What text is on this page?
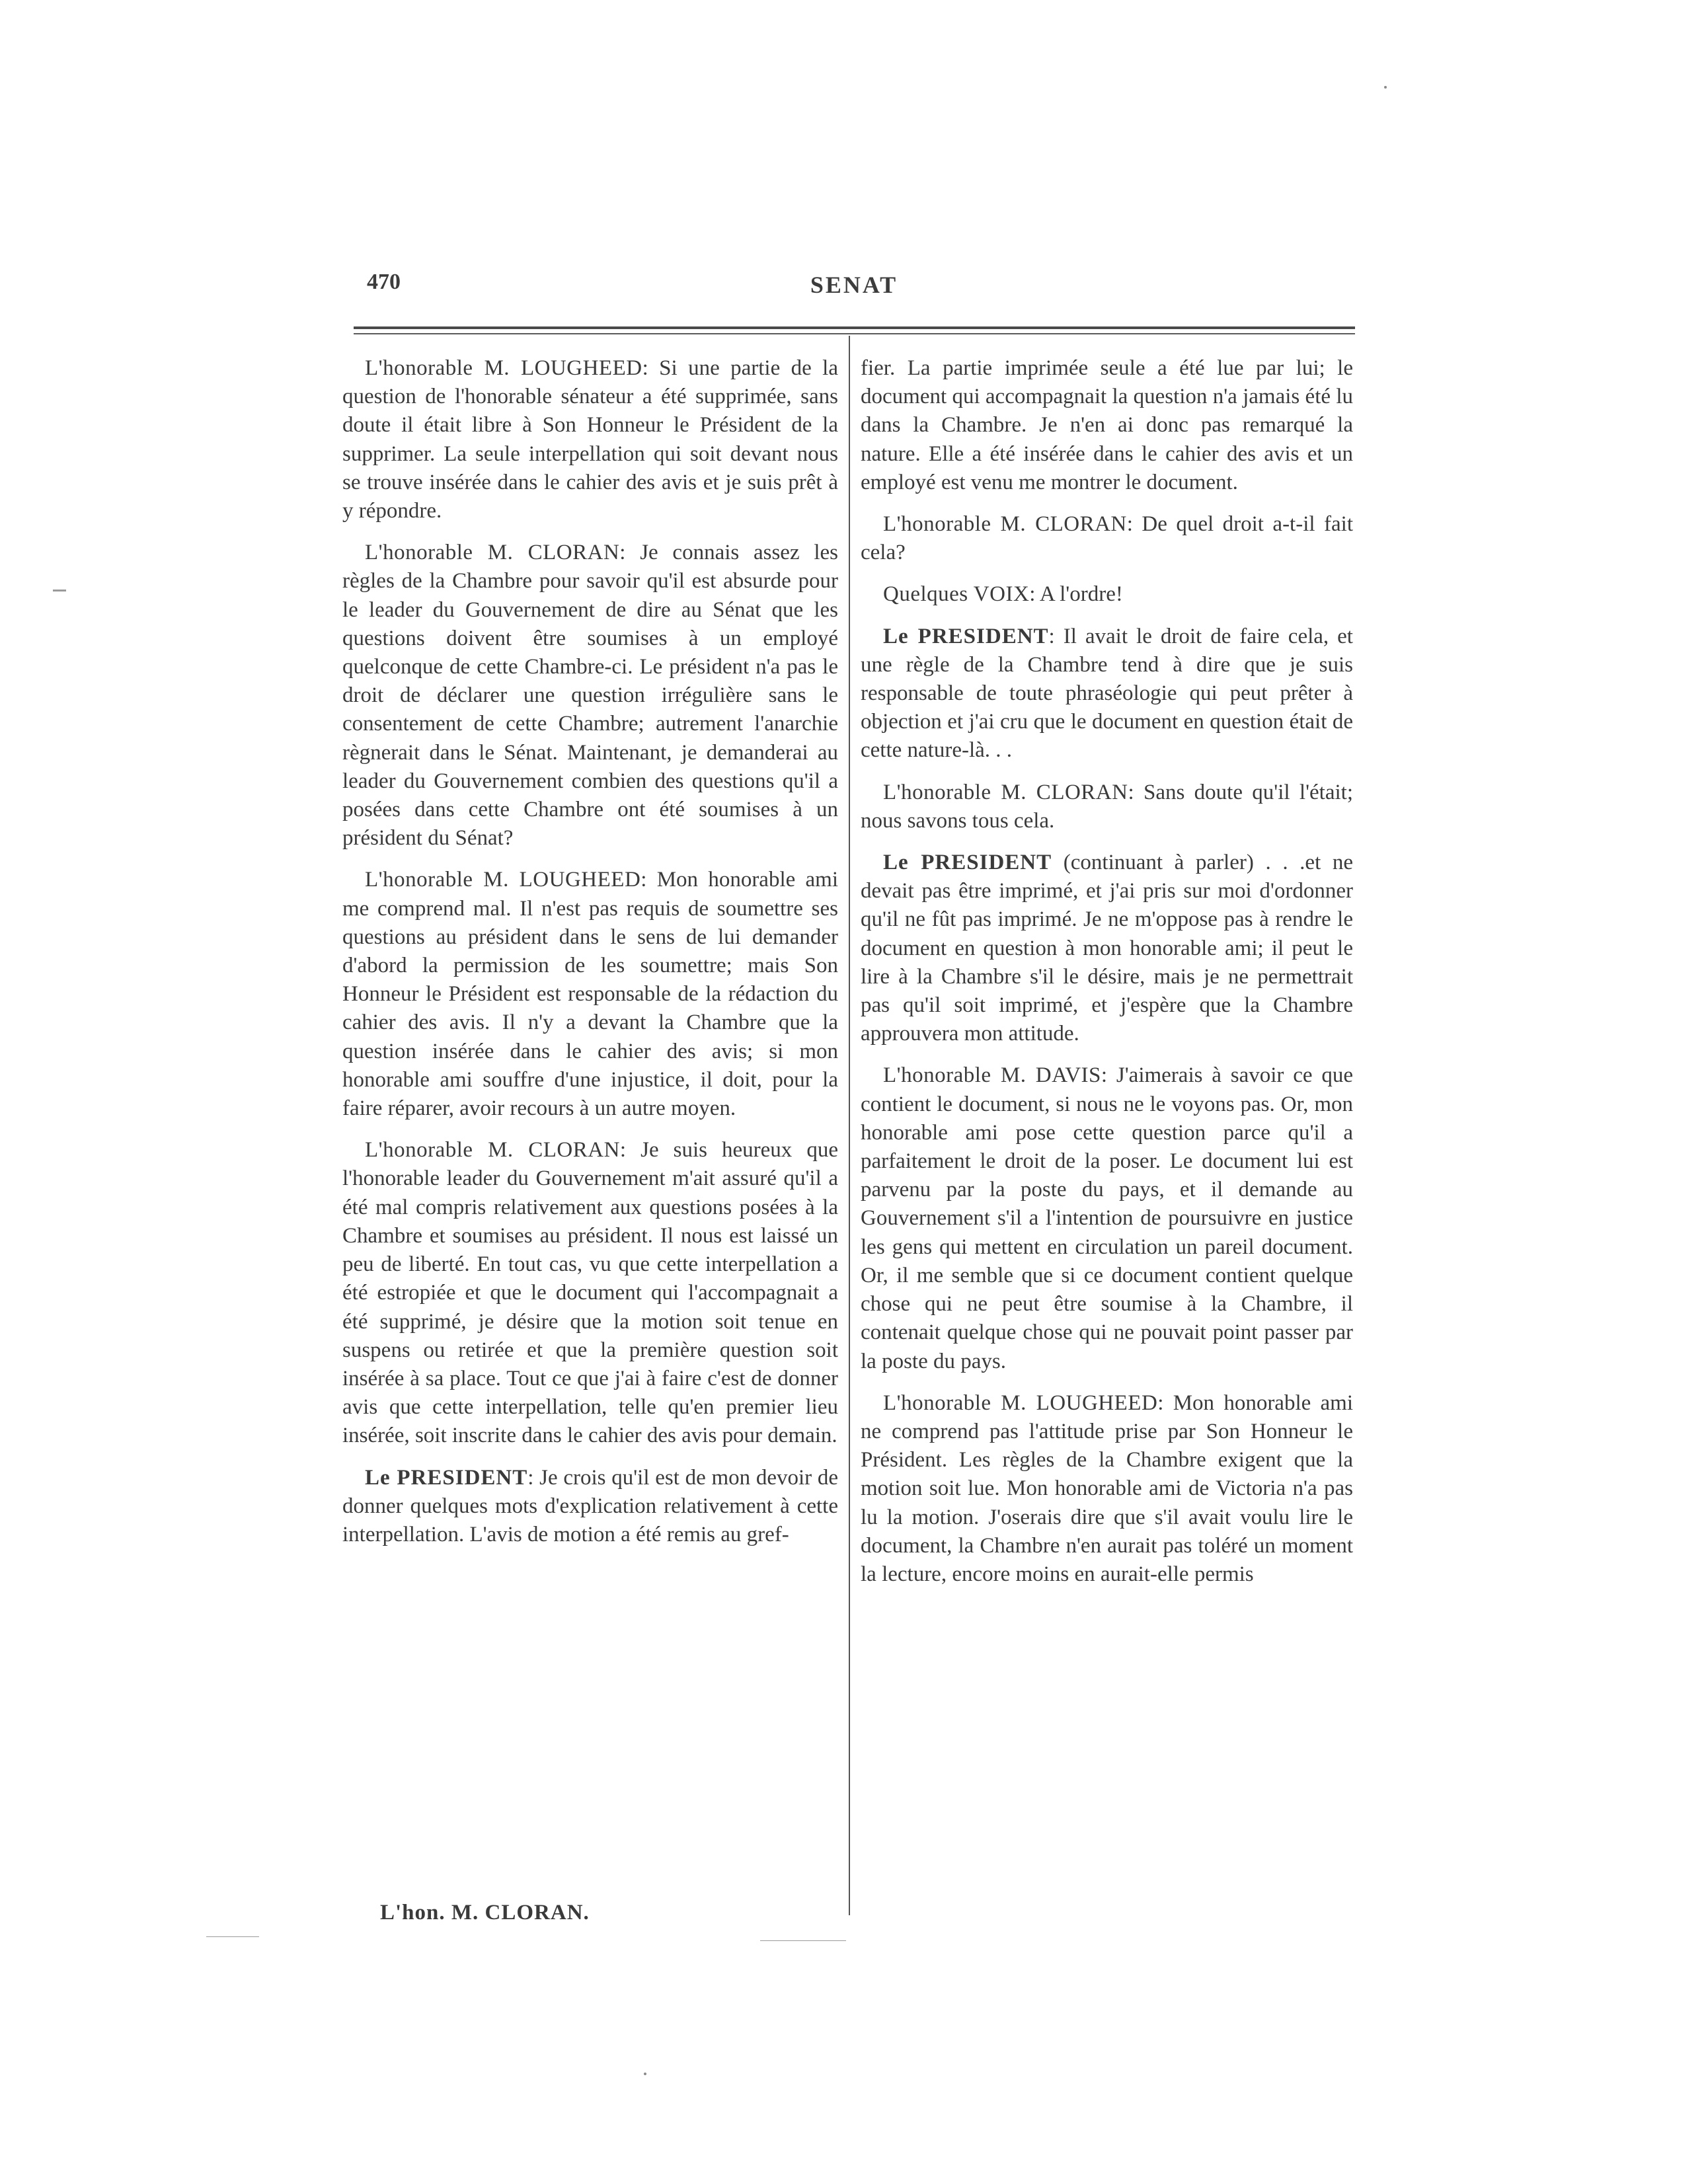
470	SENAT

L'honorable M. LOUGHEED: Si une partie de la question de l'honorable sénateur a été supprimée, sans doute il était libre à Son Honneur le Président de la supprimer. La seule interpellation qui soit devant nous se trouve insérée dans le cahier des avis et je suis prêt à y répondre.

L'honorable M. CLORAN: Je connais assez les règles de la Chambre pour savoir qu'il est absurde pour le leader du Gouvernement de dire au Sénat que les questions doivent être soumises à un employé quelconque de cette Chambre-ci. Le président n'a pas le droit de déclarer une question irrégulière sans le consentement de cette Chambre; autrement l'anarchie règnerait dans le Sénat. Maintenant, je demanderai au leader du Gouvernement combien des questions qu'il a posées dans cette Chambre ont été soumises à un président du Sénat?

L'honorable M. LOUGHEED: Mon honorable ami me comprend mal. Il n'est pas requis de soumettre ses questions au président dans le sens de lui demander d'abord la permission de les soumettre; mais Son Honneur le Président est responsable de la rédaction du cahier des avis. Il n'y a devant la Chambre que la question insérée dans le cahier des avis; si mon honorable ami souffre d'une injustice, il doit, pour la faire réparer, avoir recours à un autre moyen.

L'honorable M. CLORAN: Je suis heureux que l'honorable leader du Gouvernement m'ait assuré qu'il a été mal compris relativement aux questions posées à la Chambre et soumises au président. Il nous est laissé un peu de liberté. En tout cas, vu que cette interpellation a été estropiée et que le document qui l'accompagnait a été supprimé, je désire que la motion soit tenue en suspens ou retirée et que la première question soit insérée à sa place. Tout ce que j'ai à faire c'est de donner avis que cette interpellation, telle qu'en premier lieu insérée, soit inscrite dans le cahier des avis pour demain.

Le PRESIDENT: Je crois qu'il est de mon devoir de donner quelques mots d'explication relativement à cette interpellation. L'avis de motion a été remis au gref-

fier. La partie imprimée seule a été lue par lui; le document qui accompagnait la question n'a jamais été lu dans la Chambre. Je n'en ai donc pas remarqué la nature. Elle a été insérée dans le cahier des avis et un employé est venu me montrer le document.

L'honorable M. CLORAN: De quel droit a-t-il fait cela?

Quelques VOIX: A l'ordre!

Le PRESIDENT: Il avait le droit de faire cela, et une règle de la Chambre tend à dire que je suis responsable de toute phraséologie qui peut prêter à objection et j'ai cru que le document en question était de cette nature-là. . .

L'honorable M. CLORAN: Sans doute qu'il l'était; nous savons tous cela.

Le PRESIDENT (continuant à parler) . . .et ne devait pas être imprimé, et j'ai pris sur moi d'ordonner qu'il ne fût pas imprimé. Je ne m'oppose pas à rendre le document en question à mon honorable ami; il peut le lire à la Chambre s'il le désire, mais je ne permettrait pas qu'il soit imprimé, et j'espère que la Chambre approuvera mon attitude.

L'honorable M. DAVIS: J'aimerais à savoir ce que contient le document, si nous ne le voyons pas. Or, mon honorable ami pose cette question parce qu'il a parfaitement le droit de la poser. Le document lui est parvenu par la poste du pays, et il demande au Gouvernement s'il a l'intention de poursuivre en justice les gens qui mettent en circulation un pareil document. Or, il me semble que si ce document contient quelque chose qui ne peut être soumise à la Chambre, il contenait quelque chose qui ne pouvait point passer par la poste du pays.

L'honorable M. LOUGHEED: Mon honorable ami ne comprend pas l'attitude prise par Son Honneur le Président. Les règles de la Chambre exigent que la motion soit lue. Mon honorable ami de Victoria n'a pas lu la motion. J'oserais dire que s'il avait voulu lire le document, la Chambre n'en aurait pas toléré un moment la lecture, encore moins en aurait-elle permis

L'hon. M. CLORAN.
